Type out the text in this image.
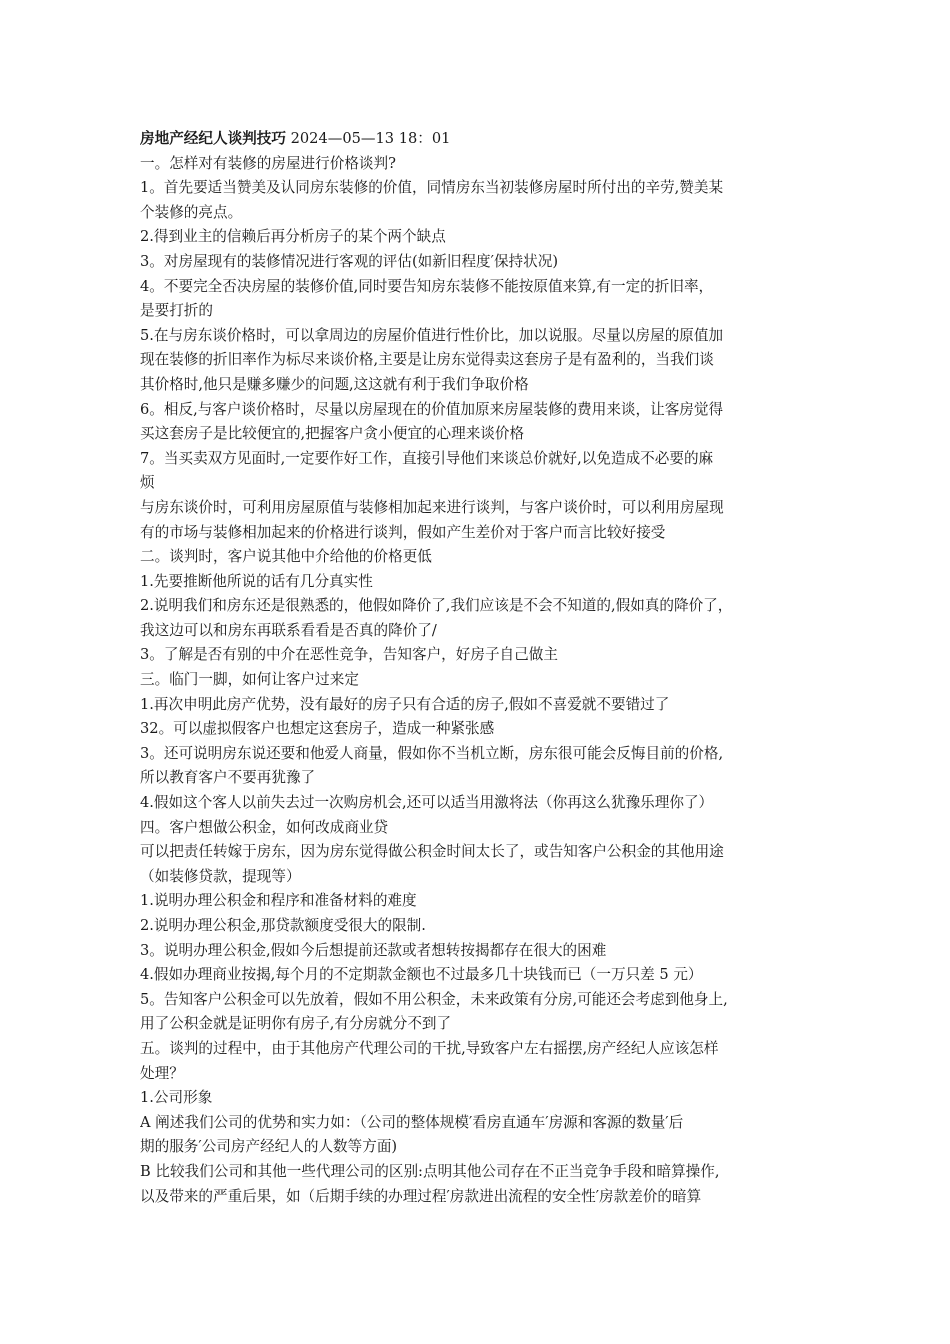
房地产经纪人谈判技巧 2024—05—13 18：01
一。怎样对有装修的房屋进行价格谈判?
1。首先要适当赞美及认同房东装修的价值，同情房东当初装修房屋时所付出的辛劳,赞美某
个装修的亮点。
2.得到业主的信赖后再分析房子的某个两个缺点
3。对房屋现有的装修情况进行客观的评估(如新旧程度′保持状况)
4。不要完全否决房屋的装修价值,同时要告知房东装修不能按原值来算,有一定的折旧率，
是要打折的
5.在与房东谈价格时，可以拿周边的房屋价值进行性价比，加以说服。尽量以房屋的原值加
现在装修的折旧率作为标尽来谈价格,主要是让房东觉得卖这套房子是有盈利的，当我们谈
其价格时,他只是赚多赚少的问题,这这就有利于我们争取价格
6。相反,与客户谈价格时，尽量以房屋现在的价值加原来房屋装修的费用来谈，让客房觉得
买这套房子是比较便宜的,把握客户贪小便宜的心理来谈价格
7。当买卖双方见面时,一定要作好工作，直接引导他们来谈总价就好,以免造成不必要的麻
烦
与房东谈价时，可利用房屋原值与装修相加起来进行谈判，与客户谈价时，可以利用房屋现
有的市场与装修相加起来的价格进行谈判，假如产生差价对于客户而言比较好接受
二。谈判时，客户说其他中介给他的价格更低
1.先要推断他所说的话有几分真实性
2.说明我们和房东还是很熟悉的，他假如降价了,我们应该是不会不知道的,假如真的降价了，
我这边可以和房东再联系看看是否真的降价了/
3。了解是否有别的中介在恶性竞争，告知客户，好房子自己做主
三。临门一脚，如何让客户过来定
1.再次申明此房产优势，没有最好的房子只有合适的房子,假如不喜爱就不要错过了
32。可以虚拟假客户也想定这套房子，造成一种紧张感
3。还可说明房东说还要和他爱人商量，假如你不当机立断，房东很可能会反悔目前的价格,
所以教育客户不要再犹豫了
4.假如这个客人以前失去过一次购房机会,还可以适当用激将法（你再这么犹豫乐理你了）
四。客户想做公积金，如何改成商业贷
可以把责任转嫁于房东，因为房东觉得做公积金时间太长了，或告知客户公积金的其他用途
（如装修贷款，提现等）
1.说明办理公积金和程序和准备材料的难度
2.说明办理公积金,那贷款额度受很大的限制.
3。说明办理公积金,假如今后想提前还款或者想转按揭都存在很大的困难
4.假如办理商业按揭,每个月的不定期款金额也不过最多几十块钱而已（一万只差 5 元）
5。告知客户公积金可以先放着，假如不用公积金，未来政策有分房,可能还会考虑到他身上,
用了公积金就是证明你有房子,有分房就分不到了
五。谈判的过程中，由于其他房产代理公司的干扰,导致客户左右摇摆,房产经纪人应该怎样
处理？
1.公司形象
A 阐述我们公司的优势和实力如：（公司的整体规模′看房直通车′房源和客源的数量′后
期的服务′公司房产经纪人的人数等方面)
B 比较我们公司和其他一些代理公司的区别:点明其他公司存在不正当竞争手段和暗算操作,
以及带来的严重后果，如（后期手续的办理过程′房款进出流程的安全性′房款差价的暗算
